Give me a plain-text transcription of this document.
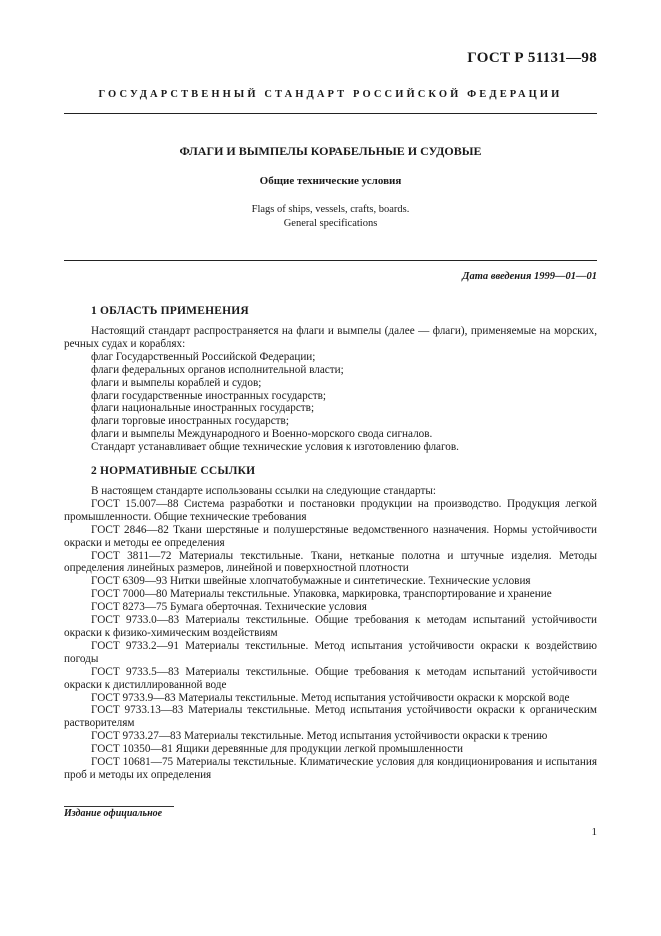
ГОСТ Р 51131—98
ГОСУДАРСТВЕННЫЙ СТАНДАРТ РОССИЙСКОЙ ФЕДЕРАЦИИ
ФЛАГИ И ВЫМПЕЛЫ КОРАБЕЛЬНЫЕ И СУДОВЫЕ
Общие технические условия
Flags of ships, vessels, crafts, boards.
General specifications
Дата введения 1999—01—01
1 ОБЛАСТЬ ПРИМЕНЕНИЯ

Настоящий стандарт распространяется на флаги и вымпелы (далее — флаги), применяемые на морских, речных судах и кораблях:

флаг Государственный Российской Федерации;

флаги федеральных органов исполнительной власти;

флаги и вымпелы кораблей и судов;

флаги государственные иностранных государств;

флаги национальные иностранных государств;

флаги торговые иностранных государств;

флаги и вымпелы Международного и Военно-морского свода сигналов.

Стандарт устанавливает общие технические условия к изготовлению флагов.

2 НОРМАТИВНЫЕ ССЫЛКИ

В настоящем стандарте использованы ссылки на следующие стандарты:

ГОСТ 15.007—88 Система разработки и постановки продукции на производство. Продукция легкой промышленности. Общие технические требования

ГОСТ 2846—82 Ткани шерстяные и полушерстяные ведомственного назначения. Нормы устойчивости окраски и методы ее определения

ГОСТ 3811—72 Материалы текстильные. Ткани, нетканые полотна и штучные изделия. Методы определения линейных размеров, линейной и поверхностной плотности

ГОСТ 6309—93 Нитки швейные хлопчатобумажные и синтетические. Технические условия

ГОСТ 7000—80 Материалы текстильные. Упаковка, маркировка, транспортирование и хранение

ГОСТ 8273—75 Бумага оберточная. Технические условия

ГОСТ 9733.0—83 Материалы текстильные. Общие требования к методам испытаний устойчивости окраски к физико-химическим воздействиям

ГОСТ 9733.2—91 Материалы текстильные. Метод испытания устойчивости окраски к воздействию погоды

ГОСТ 9733.5—83 Материалы текстильные. Общие требования к методам испытаний устойчивости окраски к дистиллированной воде

ГОСТ 9733.9—83 Материалы текстильные. Метод испытания устойчивости окраски к морской воде

ГОСТ 9733.13—83 Материалы текстильные. Метод испытания устойчивости окраски к органическим растворителям

ГОСТ 9733.27—83 Материалы текстильные. Метод испытания устойчивости окраски к трению

ГОСТ 10350—81 Ящики деревянные для продукции легкой промышленности

ГОСТ 10681—75 Материалы текстильные. Климатические условия для кондиционирования и испытания проб и методы их определения

Издание официальное
1
